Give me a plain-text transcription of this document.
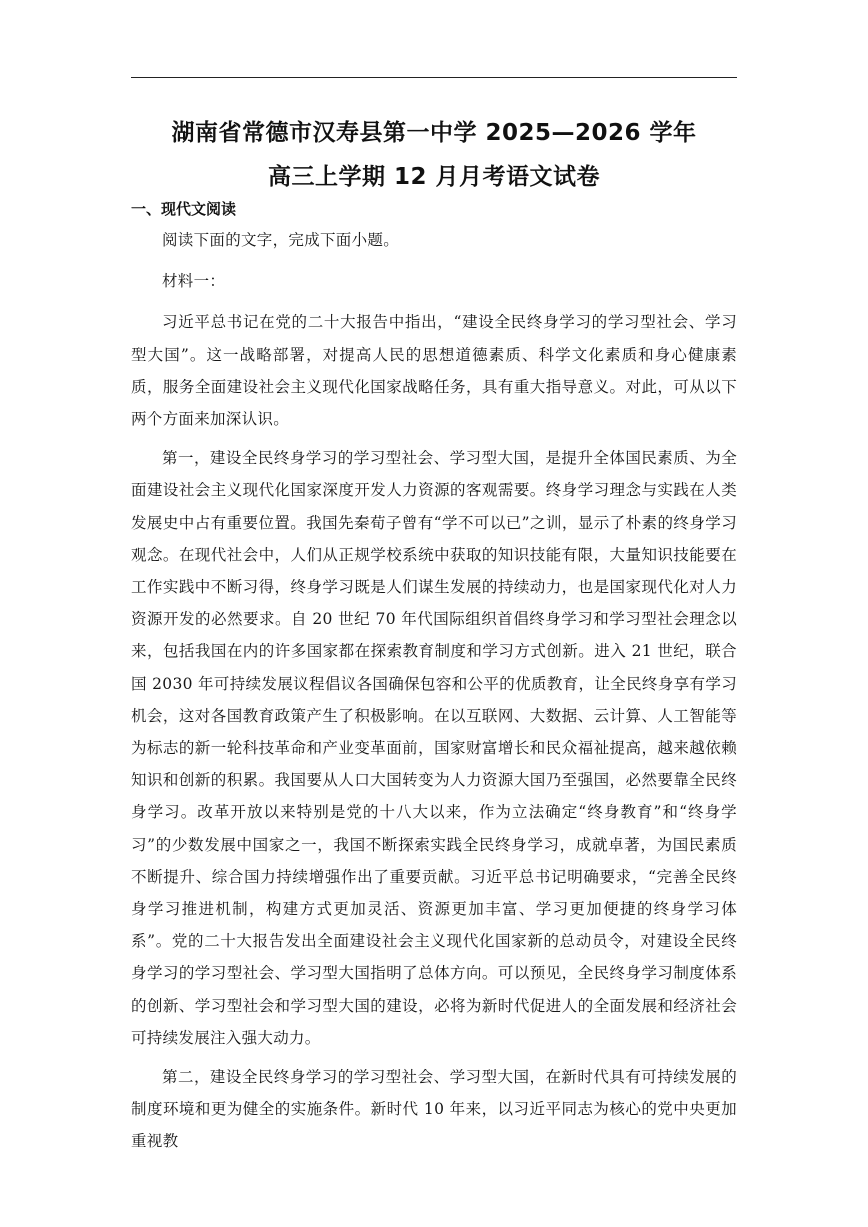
湖南省常德市汉寿县第一中学 2025—2026 学年
高三上学期 12 月月考语文试卷
一、现代文阅读

阅读下面的文字，完成下面小题。

材料一：

习近平总书记在党的二十大报告中指出，“建设全民终身学习的学习型社会、学习型大国”。这一战略部署，对提高人民的思想道德素质、科学文化素质和身心健康素质，服务全面建设社会主义现代化国家战略任务，具有重大指导意义。对此，可从以下两个方面来加深认识。

第一，建设全民终身学习的学习型社会、学习型大国，是提升全体国民素质、为全面建设社会主义现代化国家深度开发人力资源的客观需要。终身学习理念与实践在人类发展史中占有重要位置。我国先秦荀子曾有“学不可以已”之训，显示了朴素的终身学习观念。在现代社会中，人们从正规学校系统中获取的知识技能有限，大量知识技能要在工作实践中不断习得，终身学习既是人们谋生发展的持续动力，也是国家现代化对人力资源开发的必然要求。自 20 世纪 70 年代国际组织首倡终身学习和学习型社会理念以来，包括我国在内的许多国家都在探索教育制度和学习方式创新。进入 21 世纪，联合国 2030 年可持续发展议程倡议各国确保包容和公平的优质教育，让全民终身享有学习机会，这对各国教育政策产生了积极影响。在以互联网、大数据、云计算、人工智能等为标志的新一轮科技革命和产业变革面前，国家财富增长和民众福祉提高，越来越依赖知识和创新的积累。我国要从人口大国转变为人力资源大国乃至强国，必然要靠全民终身学习。改革开放以来特别是党的十八大以来，作为立法确定“终身教育”和“终身学习”的少数发展中国家之一，我国不断探索实践全民终身学习，成就卓著，为国民素质不断提升、综合国力持续增强作出了重要贡献。习近平总书记明确要求，“完善全民终身学习推进机制，构建方式更加灵活、资源更加丰富、学习更加便捷的终身学习体系”。党的二十大报告发出全面建设社会主义现代化国家新的总动员令，对建设全民终身学习的学习型社会、学习型大国指明了总体方向。可以预见，全民终身学习制度体系的创新、学习型社会和学习型大国的建设，必将为新时代促进人的全面发展和经济社会可持续发展注入强大动力。

第二，建设全民终身学习的学习型社会、学习型大国，在新时代具有可持续发展的制度环境和更为健全的实施条件。新时代 10 年来，以习近平同志为核心的党中央更加重视教
